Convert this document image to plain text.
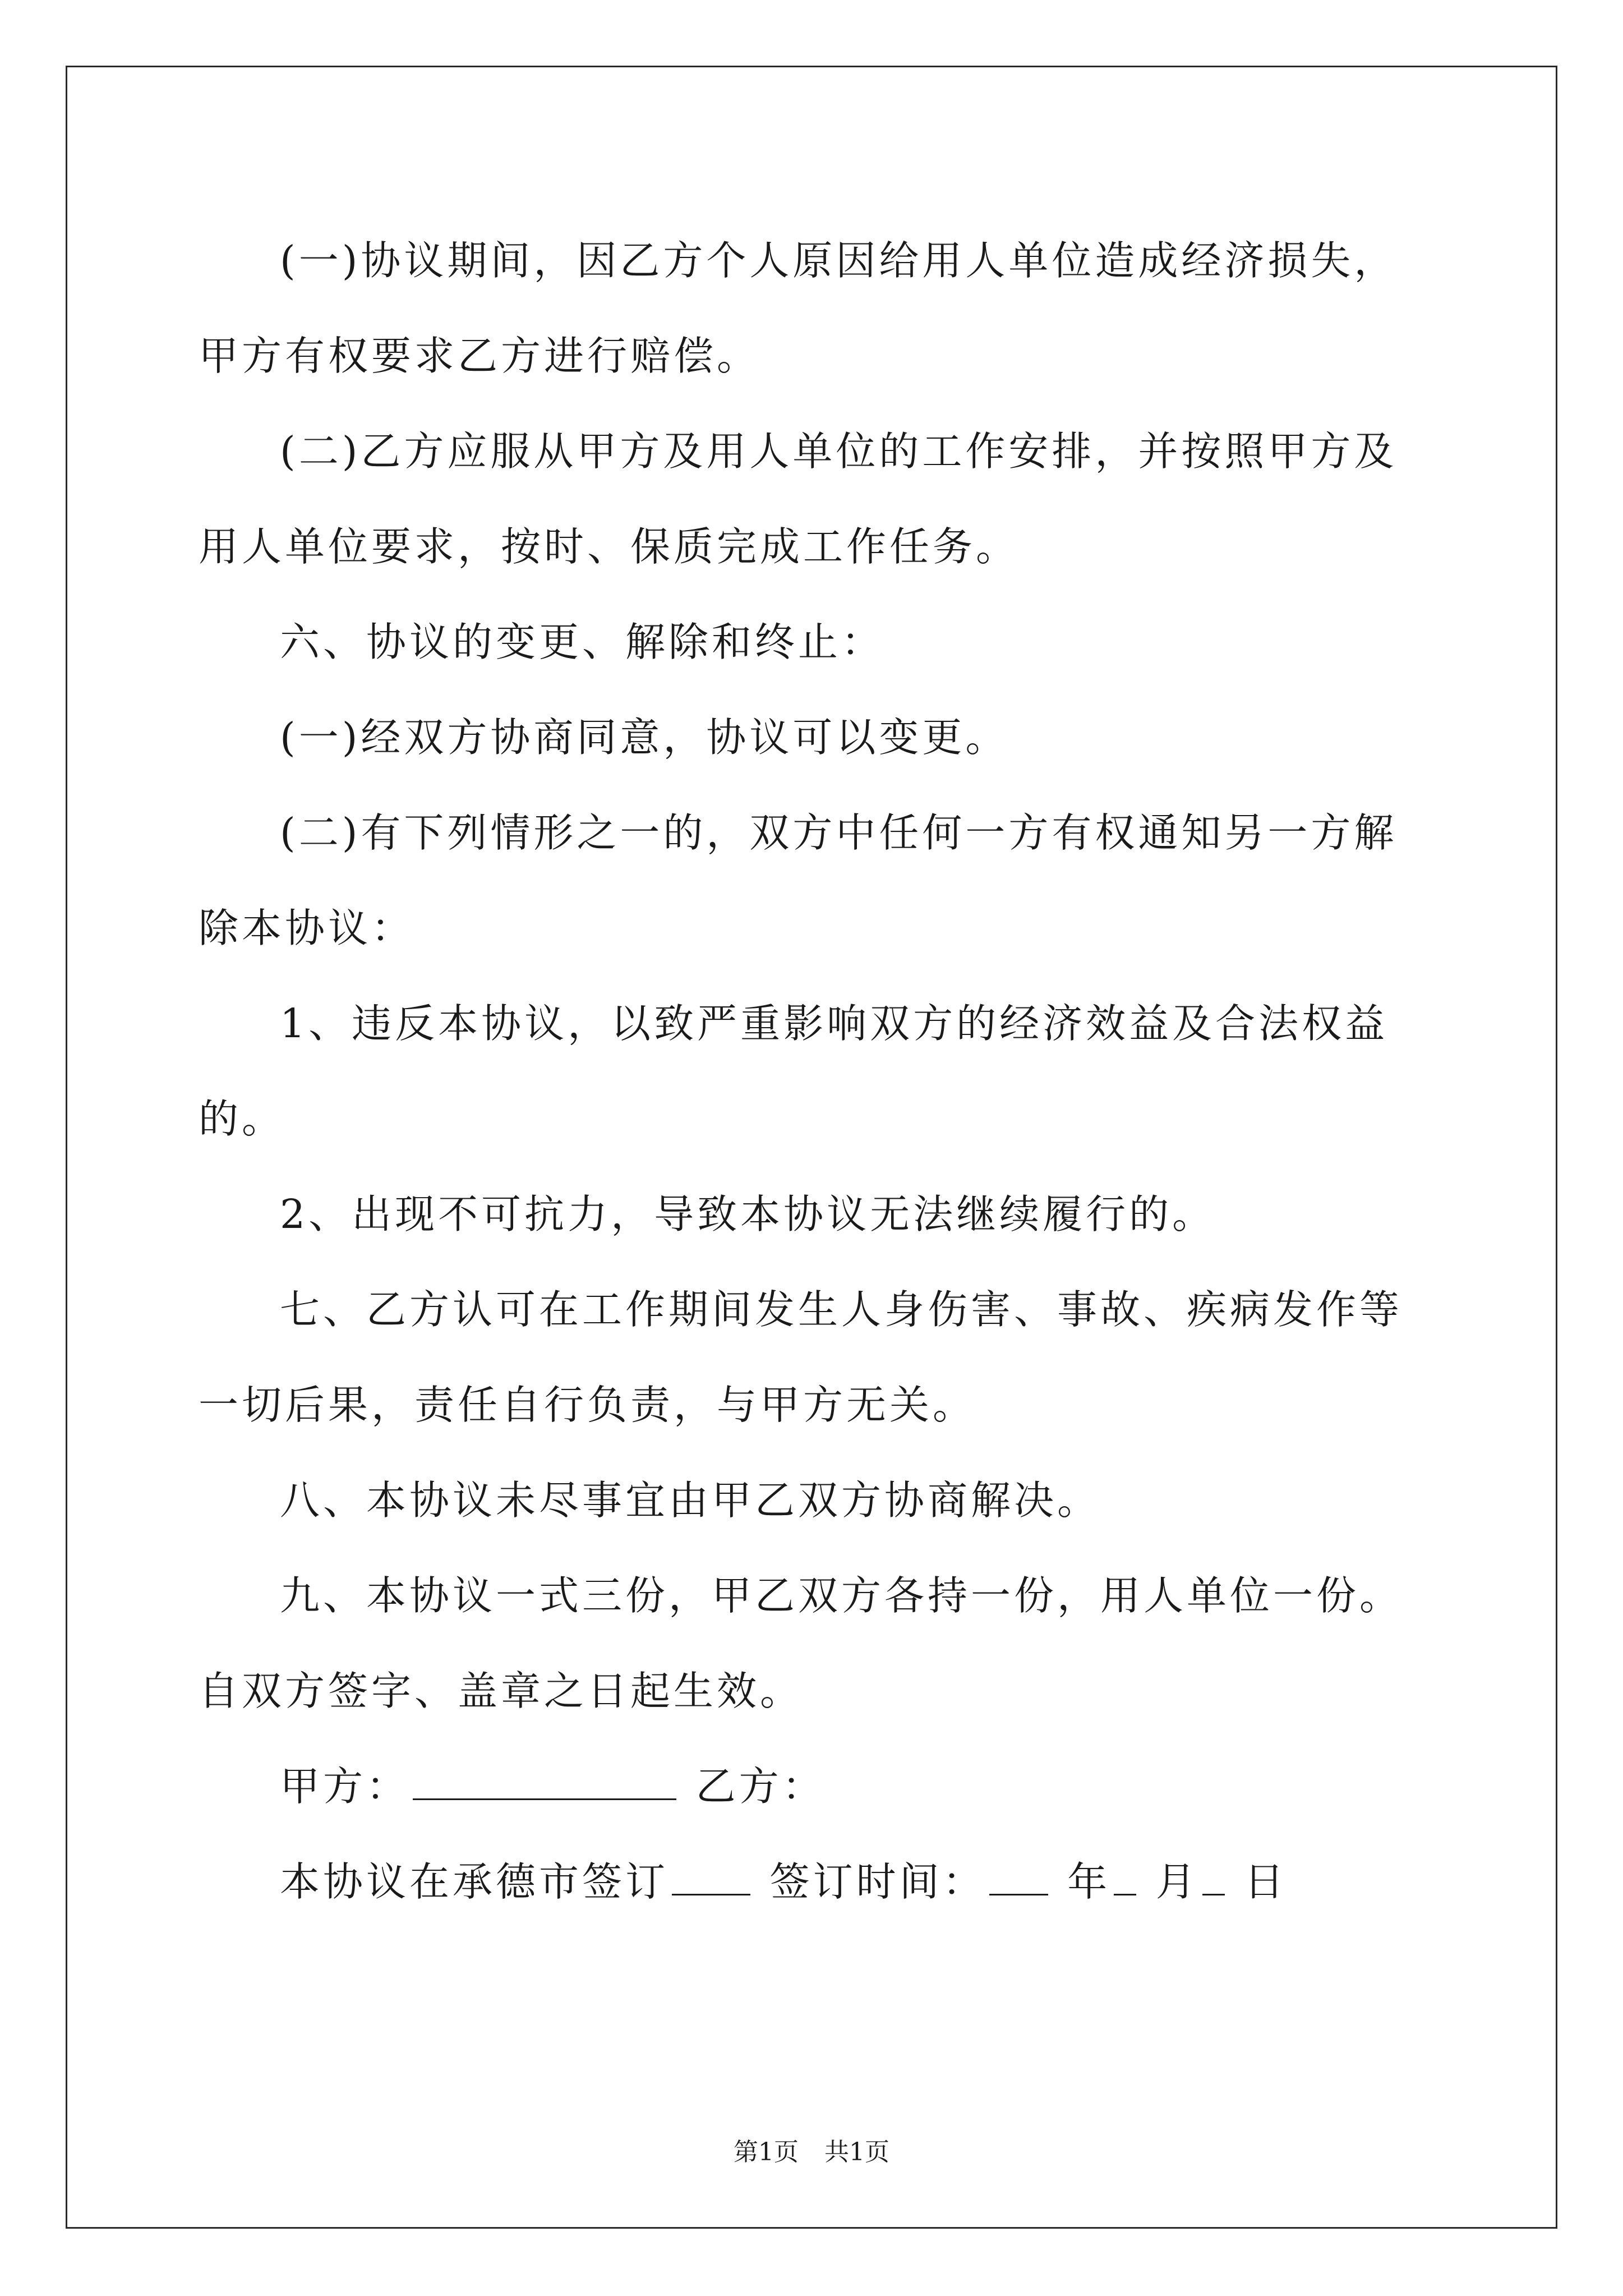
(一)协议期间，因乙方个人原因给用人单位造成经济损失，甲方有权要求乙方进行赔偿。

(二)乙方应服从甲方及用人单位的工作安排，并按照甲方及用人单位要求，按时、保质完成工作任务。

六、协议的变更、解除和终止：

(一)经双方协商同意，协议可以变更。

(二)有下列情形之一的，双方中任何一方有权通知另一方解除本协议：

1、违反本协议，以致严重影响双方的经济效益及合法权益的。

2、出现不可抗力，导致本协议无法继续履行的。

七、乙方认可在工作期间发生人身伤害、事故、疾病发作等一切后果，责任自行负责，与甲方无关。

八、本协议未尽事宜由甲乙双方协商解决。

九、本协议一式三份，甲乙双方各持一份，用人单位一份。自双方签字、盖章之日起生效。

甲方：	乙方：

本协议在承德市签订	签订时间： 年 月 日

第1页 共1页
